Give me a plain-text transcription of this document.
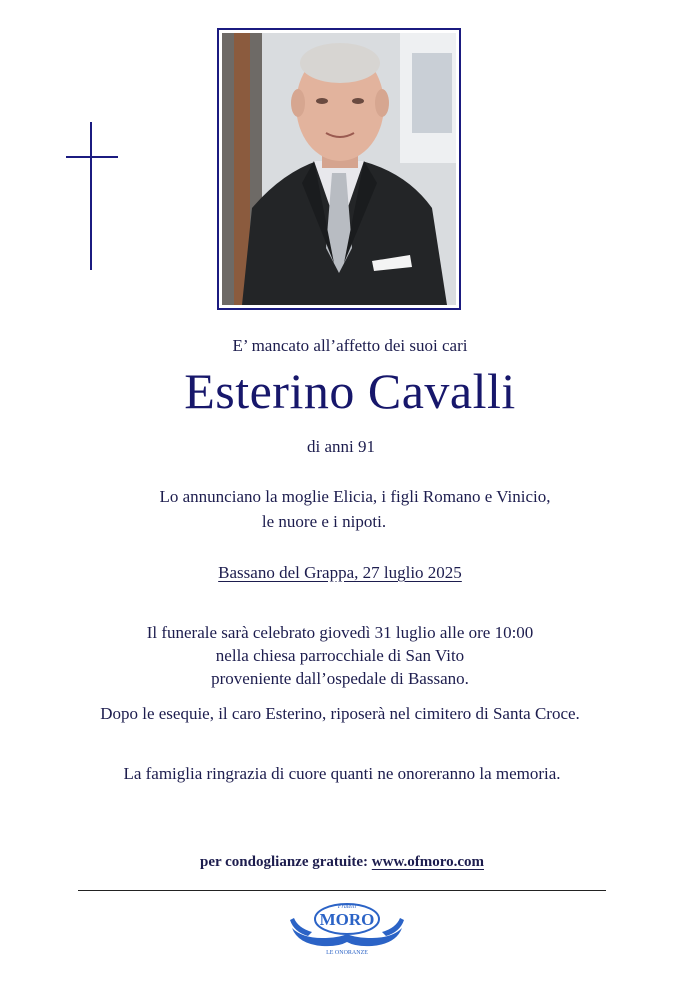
E’ mancato all’affetto dei suoi cari
Esterino Cavalli
di anni 91
Lo annunciano la moglie Elicia, i figli Romano e Vinicio,
le nuore e i nipoti.
Bassano del Grappa, 27 luglio 2025
Il funerale sarà celebrato giovedì 31 luglio alle ore 10:00
nella chiesa parrocchiale di San Vito
proveniente dall’ospedale di Bassano.
Dopo le esequie, il caro Esterino, riposerà nel cimitero di Santa Croce.
La famiglia ringrazia di cuore quanti ne onoreranno la memoria.
per condoglianze gratuite: www.ofmoro.com
Fratelli
MORO
LE ONORANZE
